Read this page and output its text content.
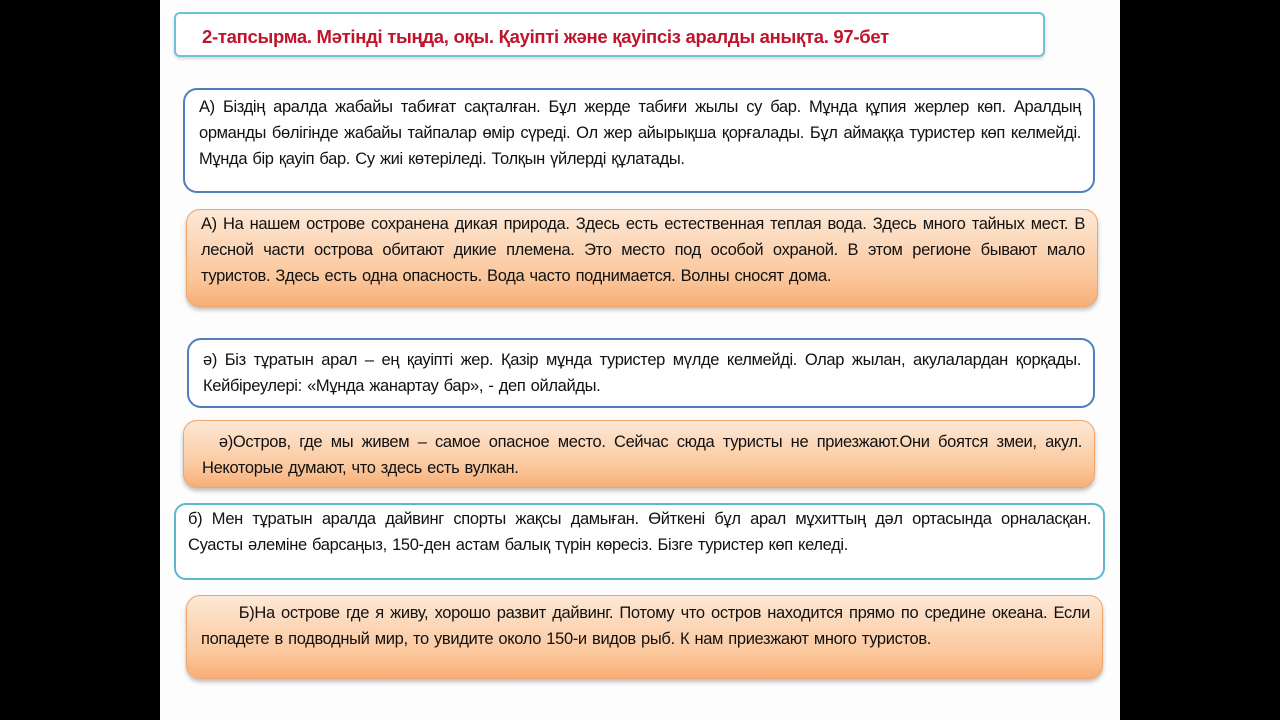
2-тапсырма. Мәтінді тыңда, оқы. Қауіпті және қауіпсіз аралды анықта. 97-бет

А) Біздің аралда жабайы табиғат сақталған. Бұл жерде табиғи жылы су бар. Мұнда құпия жерлер көп. Аралдың орманды бөлігінде жабайы тайпалар өмір сүреді. Ол жер айырықша қорғалады. Бұл аймаққа туристер көп келмейді. Мұнда бір қауіп бар. Су жиі көтеріледі. Толқын үйлерді құлатады.

А) На нашем острове сохранена дикая природа. Здесь есть естественная теплая вода. Здесь много тайных мест. В лесной части острова обитают дикие племена. Это место под особой охраной. В этом регионе бывают мало туристов. Здесь есть одна опасность. Вода часто поднимается. Волны сносят дома.

ә) Біз тұратын арал – ең қауіпті жер. Қазір мұнда туристер мүлде келмейді. Олар жылан, акулалардан қорқады. Кейбіреулері: «Мұнда жанартау бар», - деп ойлайды.

ә)Остров, где мы живем – самое опасное место. Сейчас сюда туристы не приезжают.Они боятся змеи, акул. Некоторые думают, что здесь есть вулкан.

б) Мен тұратын аралда дайвинг спорты жақсы дамыған. Өйткені бұл арал мұхиттың дәл ортасында орналасқан. Суасты әлеміне барсаңыз, 150-ден астам балық түрін көресіз. Бізге туристер көп келеді.

Б)На острове где я живу, хорошо развит дайвинг. Потому что остров находится прямо по средине океана. Если попадете в подводный мир, то увидите около 150-и видов рыб. К нам приезжают много туристов.
